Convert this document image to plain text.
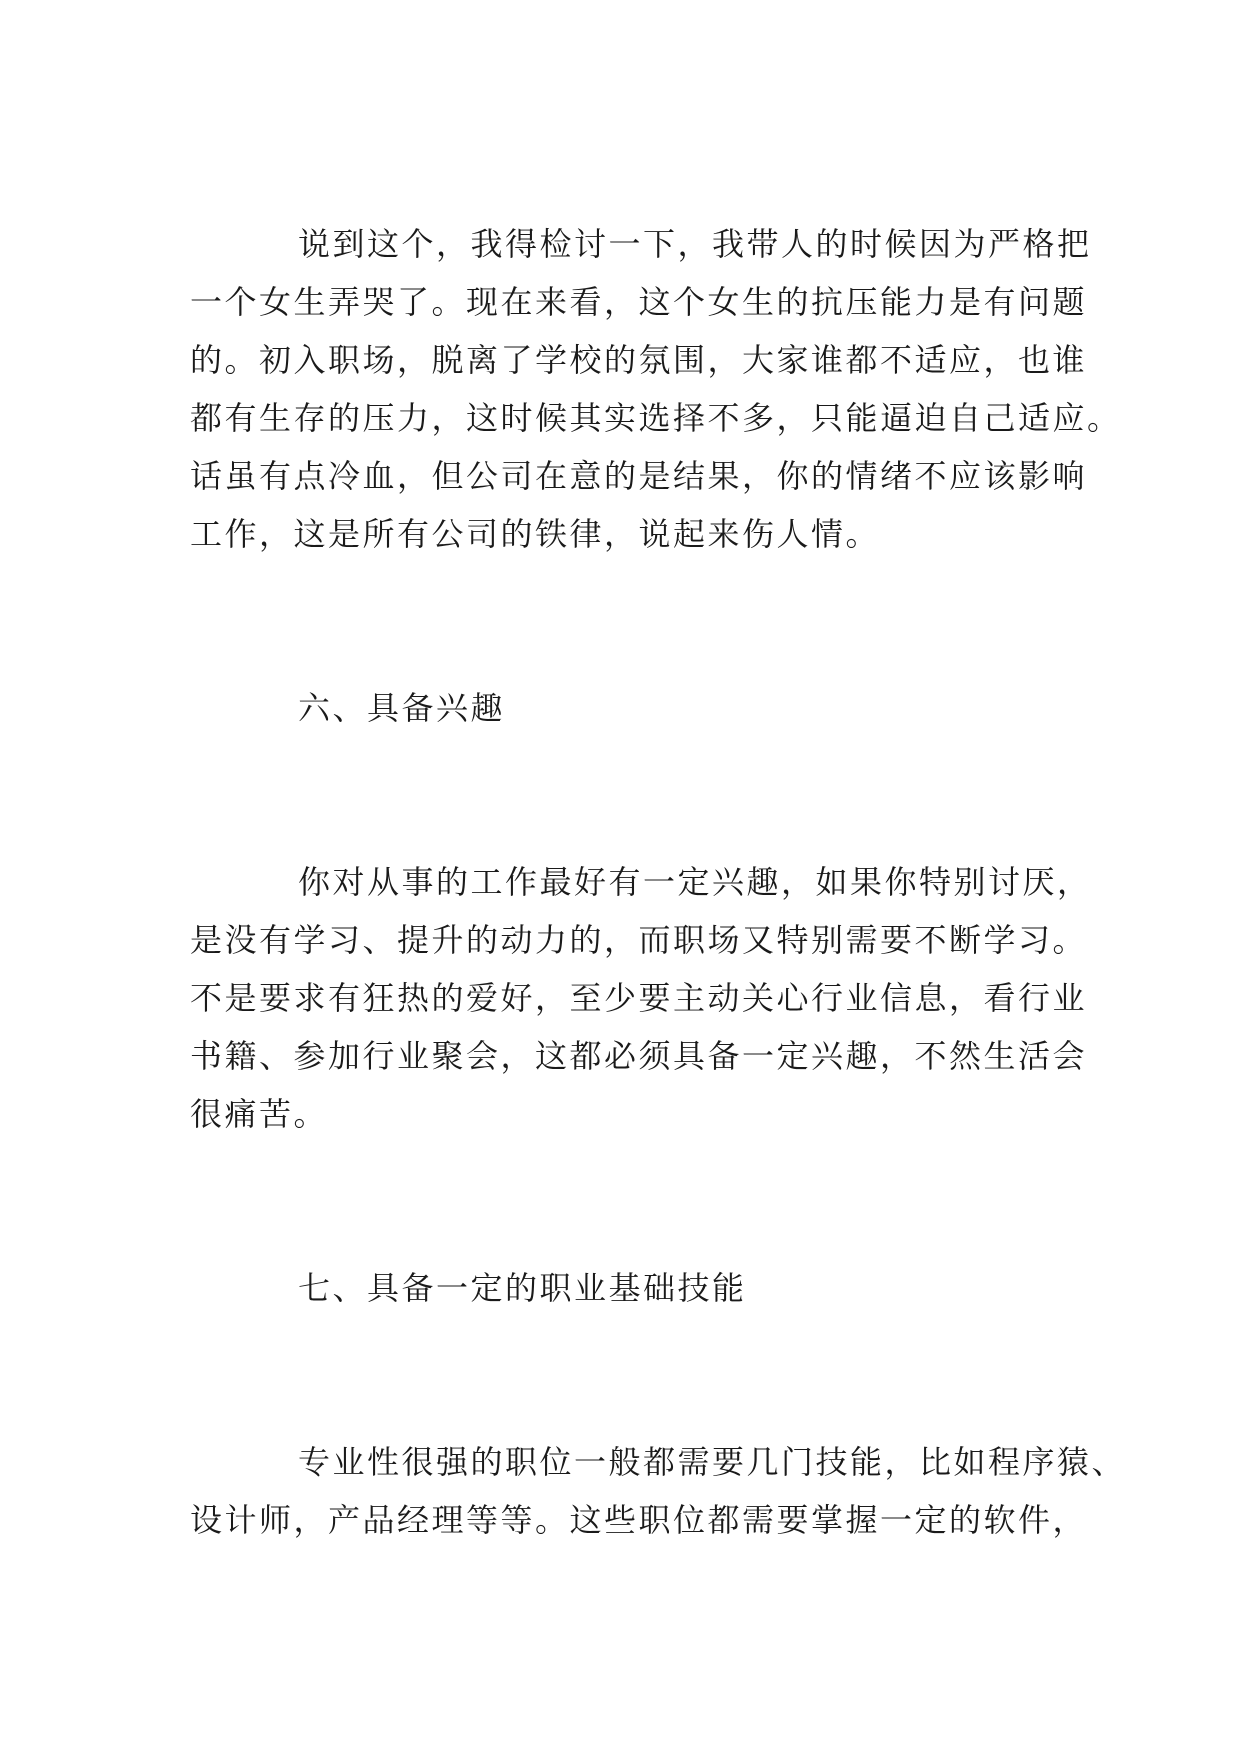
说到这个，我得检讨一下，我带人的时候因为严格把
一个女生弄哭了。现在来看，这个女生的抗压能力是有问题
的。初入职场，脱离了学校的氛围，大家谁都不适应，也谁
都有生存的压力，这时候其实选择不多，只能逼迫自己适应。
话虽有点冷血，但公司在意的是结果，你的情绪不应该影响
工作，这是所有公司的铁律，说起来伤人情。
六、具备兴趣
你对从事的工作最好有一定兴趣，如果你特别讨厌，
是没有学习、提升的动力的，而职场又特别需要不断学习。
不是要求有狂热的爱好，至少要主动关心行业信息，看行业
书籍、参加行业聚会，这都必须具备一定兴趣，不然生活会
很痛苦。
七、具备一定的职业基础技能
专业性很强的职位一般都需要几门技能，比如程序猿、
设计师，产品经理等等。这些职位都需要掌握一定的软件，
